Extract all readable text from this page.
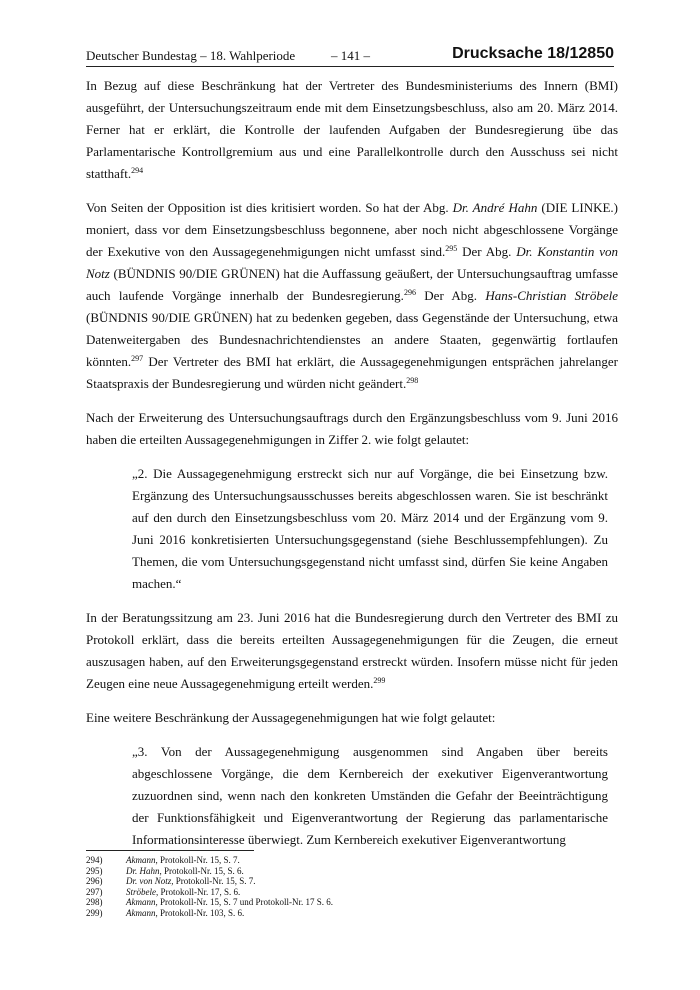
Deutscher Bundestag – 18. Wahlperiode	– 141 –	Drucksache 18/12850

In Bezug auf diese Beschränkung hat der Vertreter des Bundesministeriums des Innern (BMI) ausgeführt, der Untersuchungszeitraum ende mit dem Einsetzungsbeschluss, also am 20. März 2014. Ferner hat er erklärt, die Kontrolle der laufenden Aufgaben der Bundesregierung übe das Parlamentarische Kontrollgremium aus und eine Parallelkontrolle durch den Ausschuss sei nicht statthaft.$^{294}$

Von Seiten der Opposition ist dies kritisiert worden. So hat der Abg. Dr. André Hahn (DIE LINKE.) moniert, dass vor dem Einsetzungsbeschluss begonnene, aber noch nicht abgeschlossene Vorgänge der Exekutive von den Aussagegenehmigungen nicht umfasst sind.$^{295}$ Der Abg. Dr. Konstantin von Notz (BÜNDNIS 90/DIE GRÜNEN) hat die Auffassung geäußert, der Untersuchungsauftrag umfasse auch laufende Vorgänge innerhalb der Bundesregierung.$^{296}$ Der Abg. Hans-Christian Ströbele (BÜNDNIS 90/DIE GRÜNEN) hat zu bedenken gegeben, dass Gegenstände der Untersuchung, etwa Datenweitergaben des Bundesnachrichtendienstes an andere Staaten, gegenwärtig fortlaufen könnten.$^{297}$ Der Vertreter des BMI hat erklärt, die Aussagegenehmigungen entsprächen jahrelanger Staatspraxis der Bundesregierung und würden nicht geändert.$^{298}$

Nach der Erweiterung des Untersuchungsauftrags durch den Ergänzungsbeschluss vom 9. Juni 2016 haben die erteilten Aussagegenehmigungen in Ziffer 2. wie folgt gelautet:

„2. Die Aussagegenehmigung erstreckt sich nur auf Vorgänge, die bei Einsetzung bzw. Ergänzung des Untersuchungsausschusses bereits abgeschlossen waren. Sie ist beschränkt auf den durch den Einsetzungsbeschluss vom 20. März 2014 und der Ergänzung vom 9. Juni 2016 konkretisierten Untersuchungsgegenstand (siehe Beschlussempfehlungen). Zu Themen, die vom Untersuchungsgegenstand nicht umfasst sind, dürfen Sie keine Angaben machen.“

In der Beratungssitzung am 23. Juni 2016 hat die Bundesregierung durch den Vertreter des BMI zu Protokoll erklärt, dass die bereits erteilten Aussagegenehmigungen für die Zeugen, die erneut auszusagen haben, auf den Erweiterungsgegenstand erstreckt würden. Insofern müsse nicht für jeden Zeugen eine neue Aussagegenehmigung erteilt werden.$^{299}$

Eine weitere Beschränkung der Aussagegenehmigungen hat wie folgt gelautet:

„3. Von der Aussagegenehmigung ausgenommen sind Angaben über bereits abgeschlossene Vorgänge, die dem Kernbereich der exekutiver Eigenverantwortung zuzuordnen sind, wenn nach den konkreten Umständen die Gefahr der Beeinträchtigung der Funktionsfähigkeit und Eigenverantwortung der Regierung das parlamentarische Informationsinteresse überwiegt. Zum Kernbereich exekutiver Eigenverantwortung

294)	Akmann, Protokoll-Nr. 15, S. 7.
295)	Dr. Hahn, Protokoll-Nr. 15, S. 6.
296)	Dr. von Notz, Protokoll-Nr. 15, S. 7.
297)	Ströbele, Protokoll-Nr. 17, S. 6.
298)	Akmann, Protokoll-Nr. 15, S. 7 und Protokoll-Nr. 17 S. 6.
299)	Akmann, Protokoll-Nr. 103, S. 6.
